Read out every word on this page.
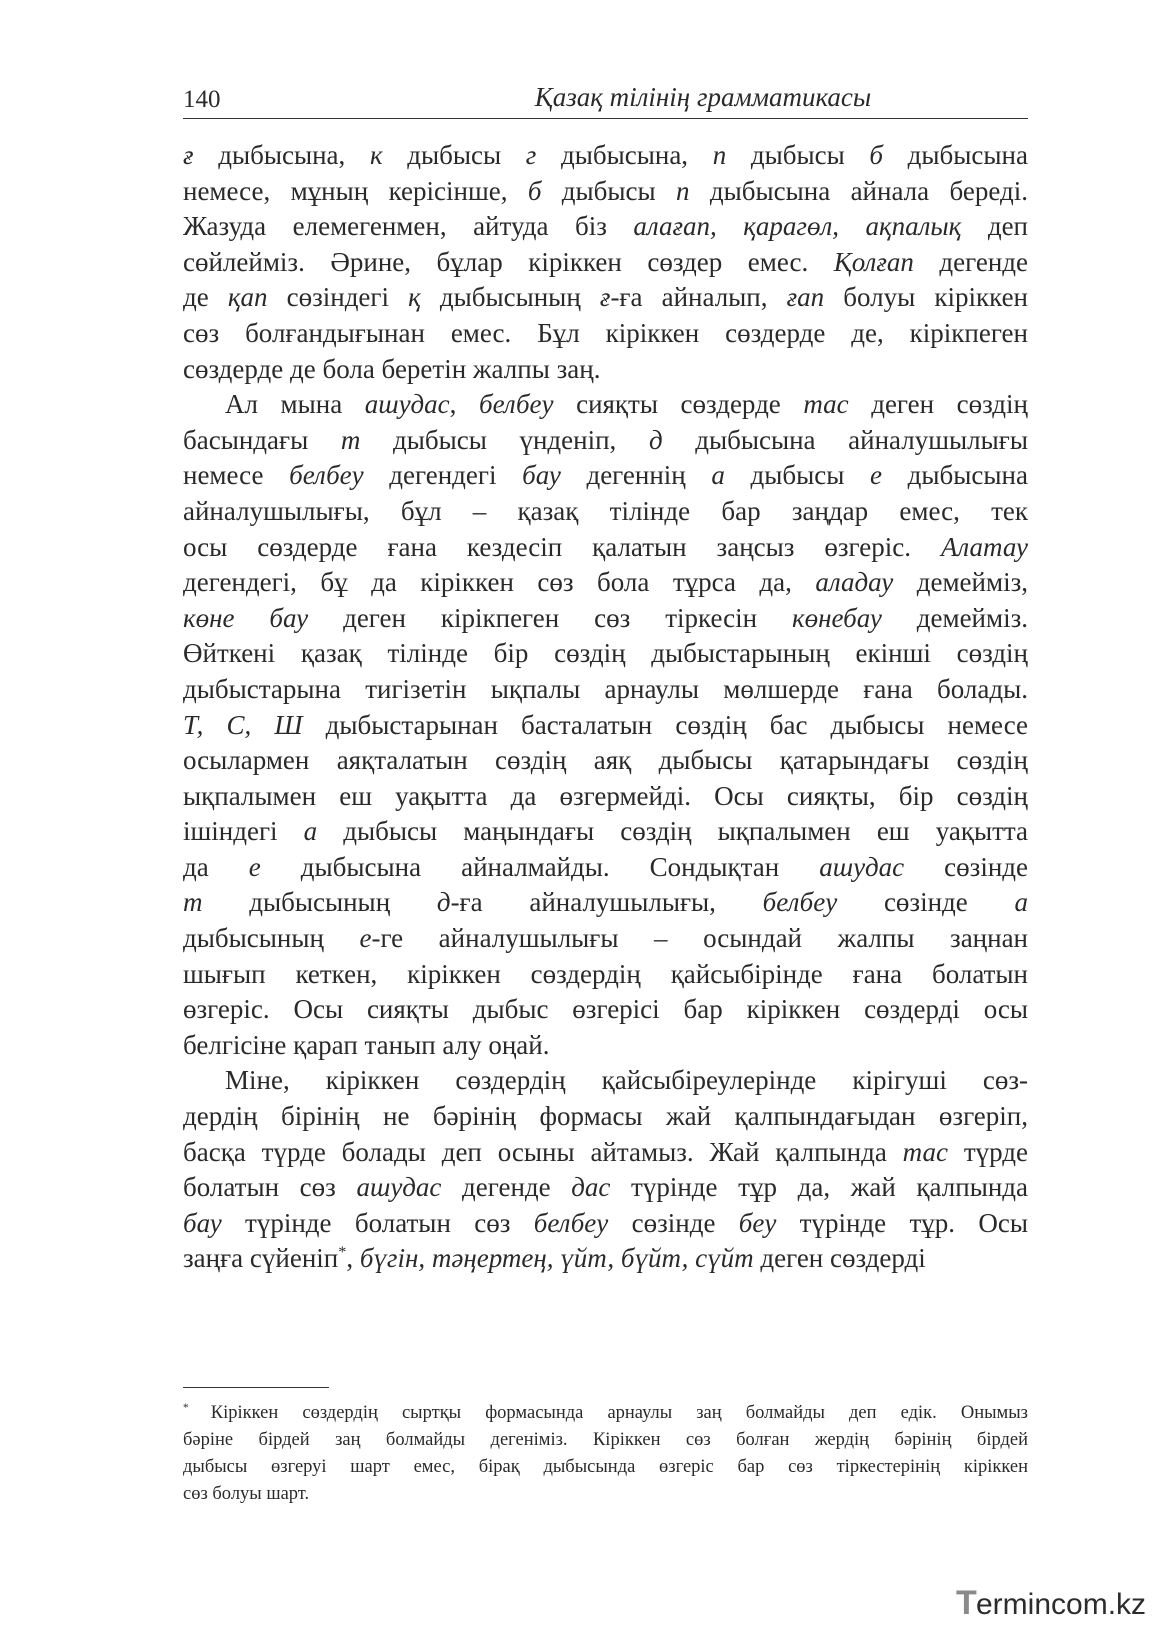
140	Қазақ тілінің грамматикасы
ғ дыбысына, к дыбысы г дыбысына, п дыбысы б дыбысына
немесе, мұның керісінше, б дыбысы п дыбысына айнала береді.
Жазуда елемегенмен, айтуда біз алағап, қарагөл, ақпалық деп
сөйлейміз. Әрине, бұлар кіріккен сөздер емес. Қолғап дегенде
де қап сөзіндегі қ дыбысының ғ-ға айналып, ғап болуы кіріккен
сөз болғандығынан емес. Бұл кіріккен сөздерде де, кірікпеген
сөздерде де бола беретін жалпы заң.
Ал мына ашудас, белбеу сияқты сөздерде тас деген сөздің
басындағы т дыбысы үнденіп, д дыбысына айналушылығы
немесе белбеу дегендегі бау дегеннің а дыбысы е дыбысына
айналушылығы, бұл – қазақ тілінде бар заңдар емес, тек
осы сөздерде ғана кездесіп қалатын заңсыз өзгеріс. Алатау
дегендегі, бұ да кіріккен сөз бола тұрса да, аладау демейміз,
көне бау деген кірікпеген сөз тіркесін көнебау демейміз.
Өйткені қазақ тілінде бір сөздің дыбыстарының екінші сөздің
дыбыстарына тигізетін ықпалы арнаулы мөлшерде ғана болады.
Т, С, Ш дыбыстарынан басталатын сөздің бас дыбысы немесе
осылармен аяқталатын сөздің аяқ дыбысы қатарындағы сөздің
ықпалымен еш уақытта да өзгермейді. Осы сияқты, бір сөздің
ішіндегі а дыбысы маңындағы сөздің ықпалымен еш уақытта
да е дыбысына айналмайды. Сондықтан ашудас сөзінде
т дыбысының д-ға айналушылығы, белбеу сөзінде а
дыбысының е-ге айналушылығы – осындай жалпы заңнан
шығып кеткен, кіріккен сөздердің қайсыбірінде ғана болатын
өзгеріс. Осы сияқты дыбыс өзгерісі бар кіріккен сөздерді осы
белгісіне қарап танып алу оңай.
Міне, кіріккен сөздердің қайсыбіреулерінде кірігуші сөз-
дердің бірінің не бәрінің формасы жай қалпындағыдан өзгеріп,
басқа түрде болады деп осыны айтамыз. Жай қалпында тас түрде
болатын сөз ашудас дегенде дас түрінде тұр да, жай қалпында
бау түрінде болатын сөз белбеу сөзінде беу түрінде тұр. Осы
заңға сүйеніп*, бүгін, тәңертең, үйт, бүйт, сүйт деген сөздерді
* Кіріккен сөздердің сыртқы формасында арнаулы заң болмайды деп едік. Онымыз
бәріне бірдей заң болмайды дегеніміз. Кіріккен сөз болған жердің бәрінің бірдей
дыбысы өзгеруі шарт емес, бірақ дыбысында өзгеріс бар сөз тіркестерінің кіріккен
сөз болуы шарт.
T ermincom.kz
